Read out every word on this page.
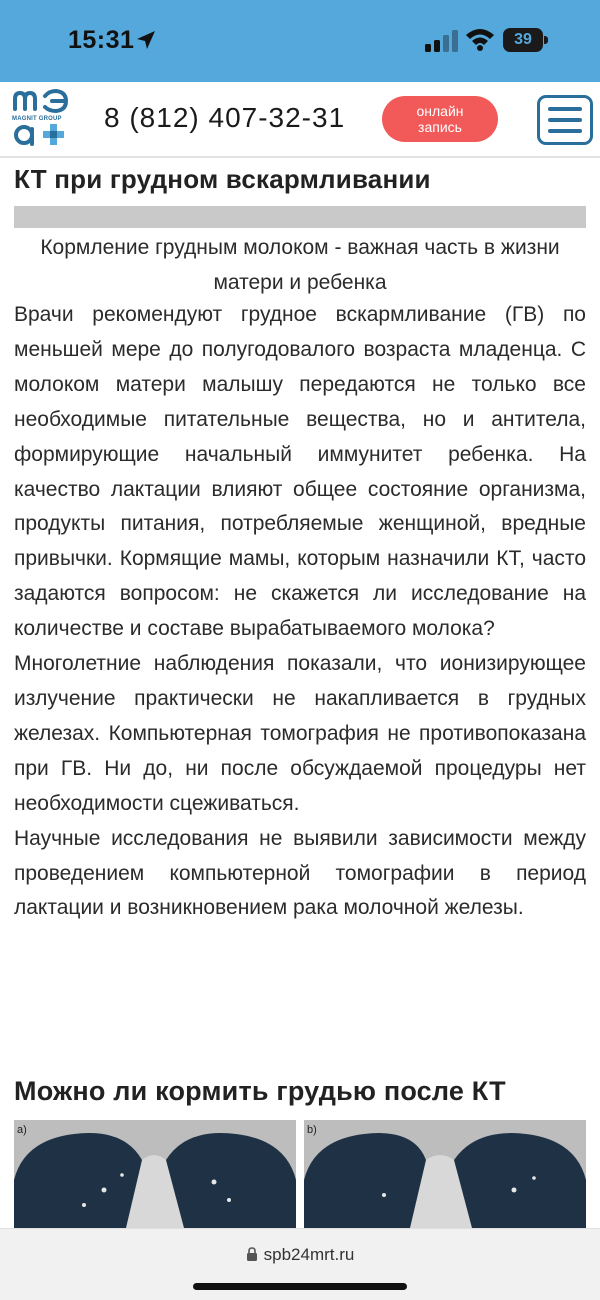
15:31	39
MAGNIT GROUP	8 (812) 407-32-31	онлайн
запись
КТ при грудном вскармливании
Кормление грудным молоком - важная часть в жизни матери и ребенка

Врачи рекомендуют грудное вскармливание (ГВ) по меньшей мере до полугодовалого возраста младенца. С молоком матери малышу передаются не только все необходимые питательные вещества, но и антитела, формирующие начальный иммунитет ребенка. На качество лактации влияют общее состояние организма, продукты питания, потребляемые женщиной, вредные привычки. Кормящие мамы, которым назначили КТ, часто задаются вопросом: не скажется ли исследование на количестве и составе вырабатываемого молока?

Многолетние наблюдения показали, что ионизирующее излучение практически не накапливается в грудных железах. Компьютерная томография не противопоказана при ГВ. Ни до, ни после обсуждаемой процедуры нет необходимости сцеживаться.

Научные исследования не выявили зависимости между проведением компьютерной томографии в период лактации и возникновением рака молочной железы.

Можно ли кормить грудью после КТ
a)	b)
spb24mrt.ru
